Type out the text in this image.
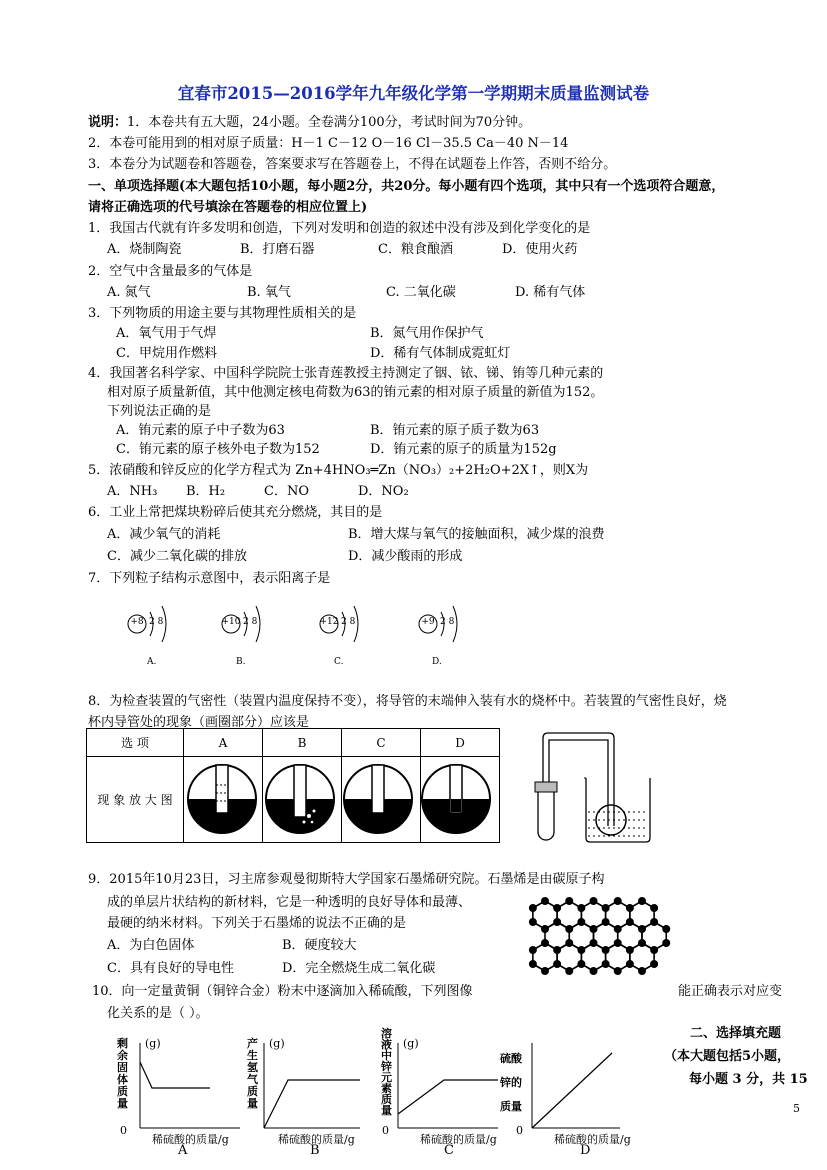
宜春市2015—2016学年九年级化学第一学期期末质量监测试卷
说明：1．本卷共有五大题，24小题。全卷满分100分，考试时间为70分钟。
2．本卷可能用到的相对原子质量：H－1 C－12 O－16 Cl－35.5 Ca－40 N－14
3．本卷分为试题卷和答题卷，答案要求写在答题卷上，不得在试题卷上作答，否则不给分。
一、单项选择题(本大题包括10小题，每小题2分，共20分。每小题有四个选项，其中只有一个选项符合题意，
请将正确选项的代号填涂在答题卷的相应位置上)
1．我国古代就有许多发明和创造，下列对发明和创造的叙述中没有涉及到化学变化的是
A．烧制陶瓷	B．打磨石器	C．粮食酿酒	D．使用火药
2．空气中含量最多的气体是
A. 氮气	B. 氧气	C. 二氧化碳	D. 稀有气体
3．下列物质的用途主要与其物理性质相关的是
A．氧气用于气焊	B．氮气用作保护气
C．甲烷用作燃料	D．稀有气体制成霓虹灯
4．我国著名科学家、中国科学院院士张青莲教授主持测定了铟、铱、锑、铕等几种元素的
相对原子质量新值，其中他测定核电荷数为63的铕元素的相对原子质量的新值为152。
下列说法正确的是
A．铕元素的原子中子数为63	B．铕元素的原子质子数为63
C．铕元素的原子核外电子数为152	D．铕元素的原子的质量为152g
5．浓硝酸和锌反应的化学方程式为 Zn+4HNO₃═Zn（NO₃）₂+2H₂O+2X↑，则X为
A．NH₃ B．H₂	C．NO	D．NO₂
6．工业上常把煤块粉碎后使其充分燃烧，其目的是
A．减少氧气的消耗	B．增大煤与氧气的接触面积，减少煤的浪费
C．减少二氧化碳的排放	D．减少酸雨的形成
7．下列粒子结构示意图中，表示阳离子是
+8 2 8
A.
+10 2 8
B.
+12 2 8
C.
+9 2 8
D.
8．为检查装置的气密性（装置内温度保持不变），将导管的末端伸入装有水的烧杯中。若装置的气密性良好，烧
杯内导管处的现象（画圈部分）应该是
选 项	A	B	C	D
现 象 放 大 图				
9．2015年10月23日，习主席参观曼彻斯特大学国家石墨烯研究院。石墨烯是由碳原子构
成的单层片状结构的新材料，它是一种透明的良好导体和最薄、
最硬的纳米材料。下列关于石墨烯的说法不正确的是
A．为白色固体	B．硬度较大
C．具有良好的导电性	D．完全燃烧生成二氧化碳
10．向一定量黄铜（铜锌合金）粉末中逐滴加入稀硫酸，下列图像	能正确表示对应变
化关系的是（ ）。
剩余固体质量
(g)
0
稀硫酸的质量/g
A
产生氢气质量
(g)
稀硫酸的质量/g
B
溶液中锌元素质量
(g)
0
稀硫酸的质量/g
C
硫酸
锌的
质量
0
稀硫酸的质量/g
D
二、选择填充题
（本大题包括5小题，
每小题 3 分，共 15
5
